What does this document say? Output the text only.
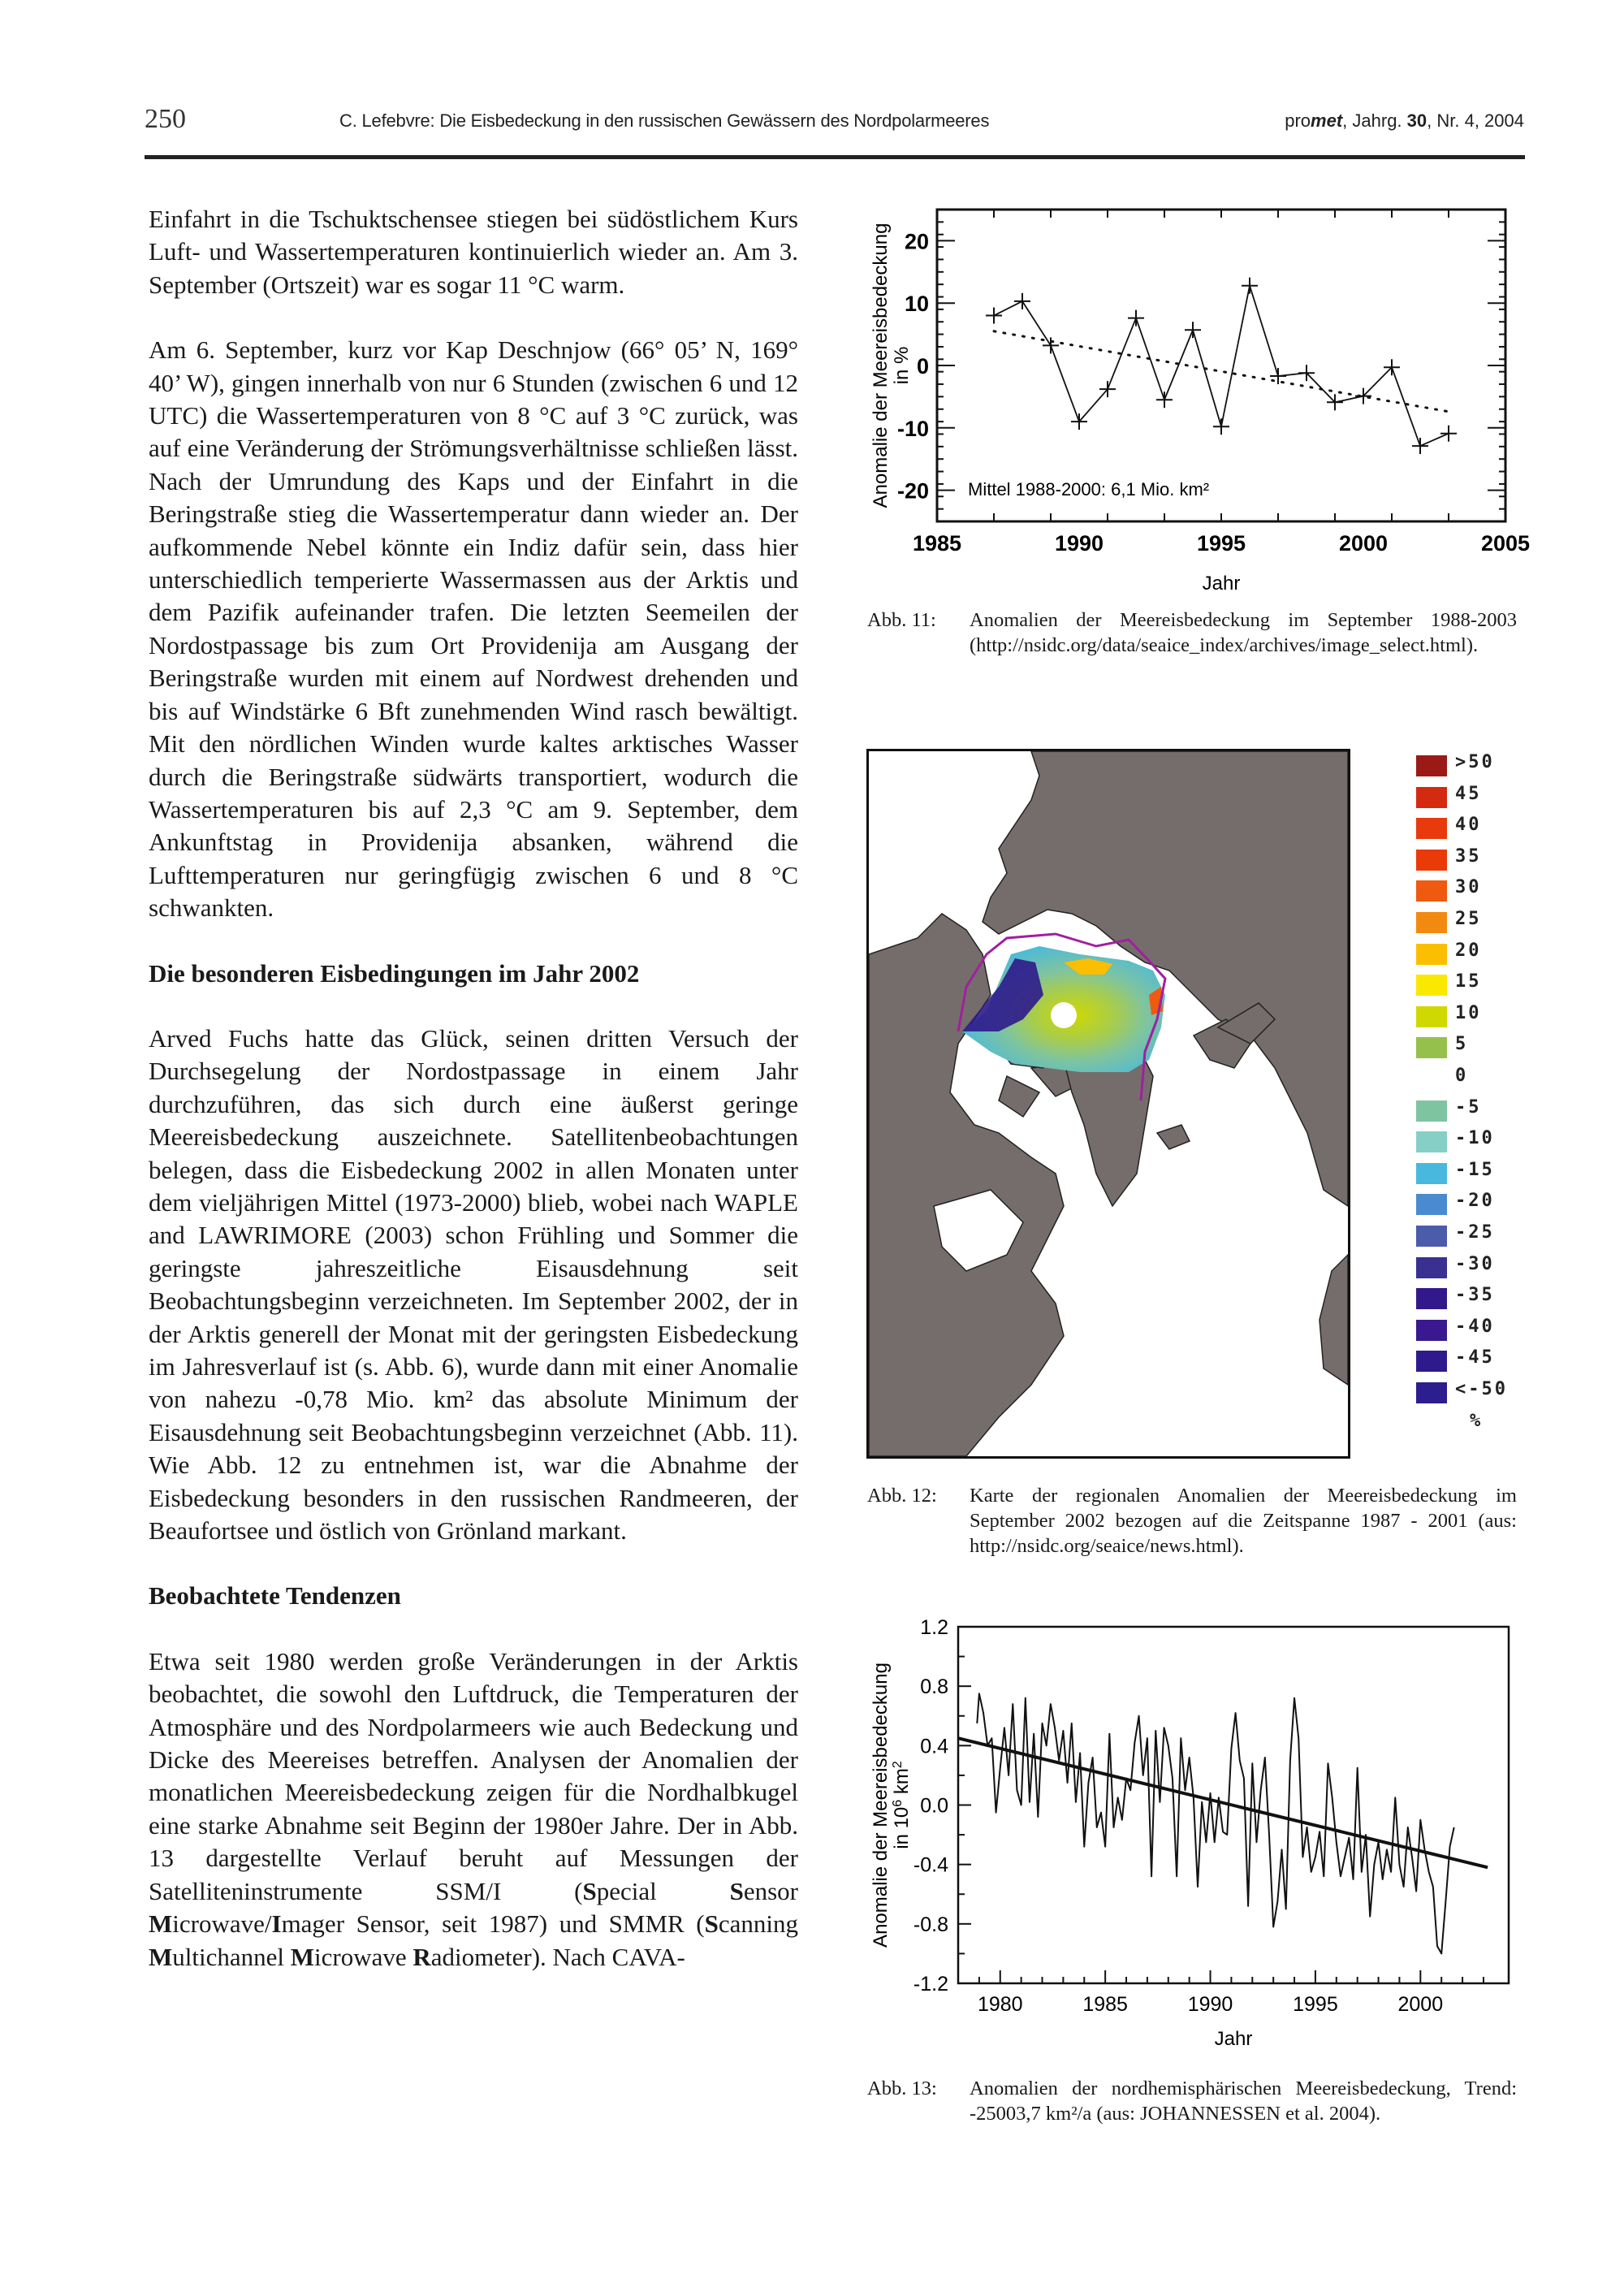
250	C. Lefebvre: Die Eisbedeckung in den russischen Gewässern des Nordpolarmeeres	promet, Jahrg. 30, Nr. 4, 2004

Einfahrt in die Tschuktschensee stiegen bei südöstlichem Kurs Luft- und Wassertemperaturen kontinuierlich wieder an. Am 3. September (Ortszeit) war es sogar 11 °C warm.

Am 6. September, kurz vor Kap Deschnjow (66° 05’ N, 169° 40’ W), gingen innerhalb von nur 6 Stunden (zwischen 6 und 12 UTC) die Wassertemperaturen von 8 °C auf 3 °C zurück, was auf eine Veränderung der Strömungsverhältnisse schließen lässt. Nach der Umrundung des Kaps und der Einfahrt in die Beringstraße stieg die Wassertemperatur dann wieder an. Der aufkommende Nebel könnte ein Indiz dafür sein, dass hier unterschiedlich temperierte Wassermassen aus der Arktis und dem Pazifik aufeinander trafen. Die letzten Seemeilen der Nordostpassage bis zum Ort Providenija am Ausgang der Beringstraße wurden mit einem auf Nordwest drehenden und bis auf Windstärke 6 Bft zunehmenden Wind rasch bewältigt. Mit den nördlichen Winden wurde kaltes arktisches Wasser durch die Beringstraße südwärts transportiert, wodurch die Wassertemperaturen bis auf 2,3 °C am 9. September, dem Ankunftstag in Providenija absanken, während die Lufttemperaturen nur geringfügig zwischen 6 und 8 °C schwankten.

Die besonderen Eisbedingungen im Jahr 2002

Arved Fuchs hatte das Glück, seinen dritten Versuch der Durchsegelung der Nordostpassage in einem Jahr durchzuführen, das sich durch eine äußerst geringe Meereisbedeckung auszeichnete. Satellitenbeobachtungen belegen, dass die Eisbedeckung 2002 in allen Monaten unter dem vieljährigen Mittel (1973-2000) blieb, wobei nach WAPLE and LAWRIMORE (2003) schon Frühling und Sommer die geringste jahreszeitliche Eisausdehnung seit Beobachtungsbeginn verzeichneten. Im September 2002, der in der Arktis generell der Monat mit der geringsten Eisbedeckung im Jahresverlauf ist (s. Abb. 6), wurde dann mit einer Anomalie von nahezu -0,78 Mio. km² das absolute Minimum der Eisausdehnung seit Beobachtungsbeginn verzeichnet (Abb. 11). Wie Abb. 12 zu entnehmen ist, war die Abnahme der Eisbedeckung besonders in den russischen Randmeeren, der Beaufortsee und östlich von Grönland markant.

Beobachtete Tendenzen

Etwa seit 1980 werden große Veränderungen in der Arktis beobachtet, die sowohl den Luftdruck, die Temperaturen der Atmosphäre und des Nordpolarmeers wie auch Bedeckung und Dicke des Meereises betreffen. Analysen der Anomalien der monatlichen Meereisbedeckung zeigen für die Nordhalbkugel eine starke Abnahme seit Beginn der 1980er Jahre. Der in Abb. 13 dargestellte Verlauf beruht auf Messungen der Satelliteninstrumente SSM/I (Special Sensor Microwave/Imager Sensor, seit 1987) und SMMR (Scanning Multichannel Microwave Radiometer). Nach CAVA-

20
10
0
-10
-20
1985	1990	1995	2000	2005
Jahr
Anomalie der Meereisbedeckungin %
Mittel 1988-2000: 6,1 Mio. km²
Abb. 11: Anomalien der Meereisbedeckung im September 1988-2003 (http://nsidc.org/data/seaice_index/archives/image_select.html).
>50
45
40
35
30
25
20
15
10
5
0
-5
-10
-15
-20
-25
-30
-35
-40
-45
<-50
%
Abb. 12: Karte der regionalen Anomalien der Meereisbedeckung im September 2002 bezogen auf die Zeitspanne 1987 - 2001 (aus: http://nsidc.org/seaice/news.html).
1.2
0.8
0.4
0.0
-0.4
-0.8
-1.2
1980	1985	1990	1995	2000
Jahr
Anomalie der Meereisbedeckungin $10^6$ $km^2$
Abb. 13: Anomalien der nordhemisphärischen Meereisbedeckung, Trend: -25003,7 km²/a (aus: JOHANNESSEN et al. 2004).
